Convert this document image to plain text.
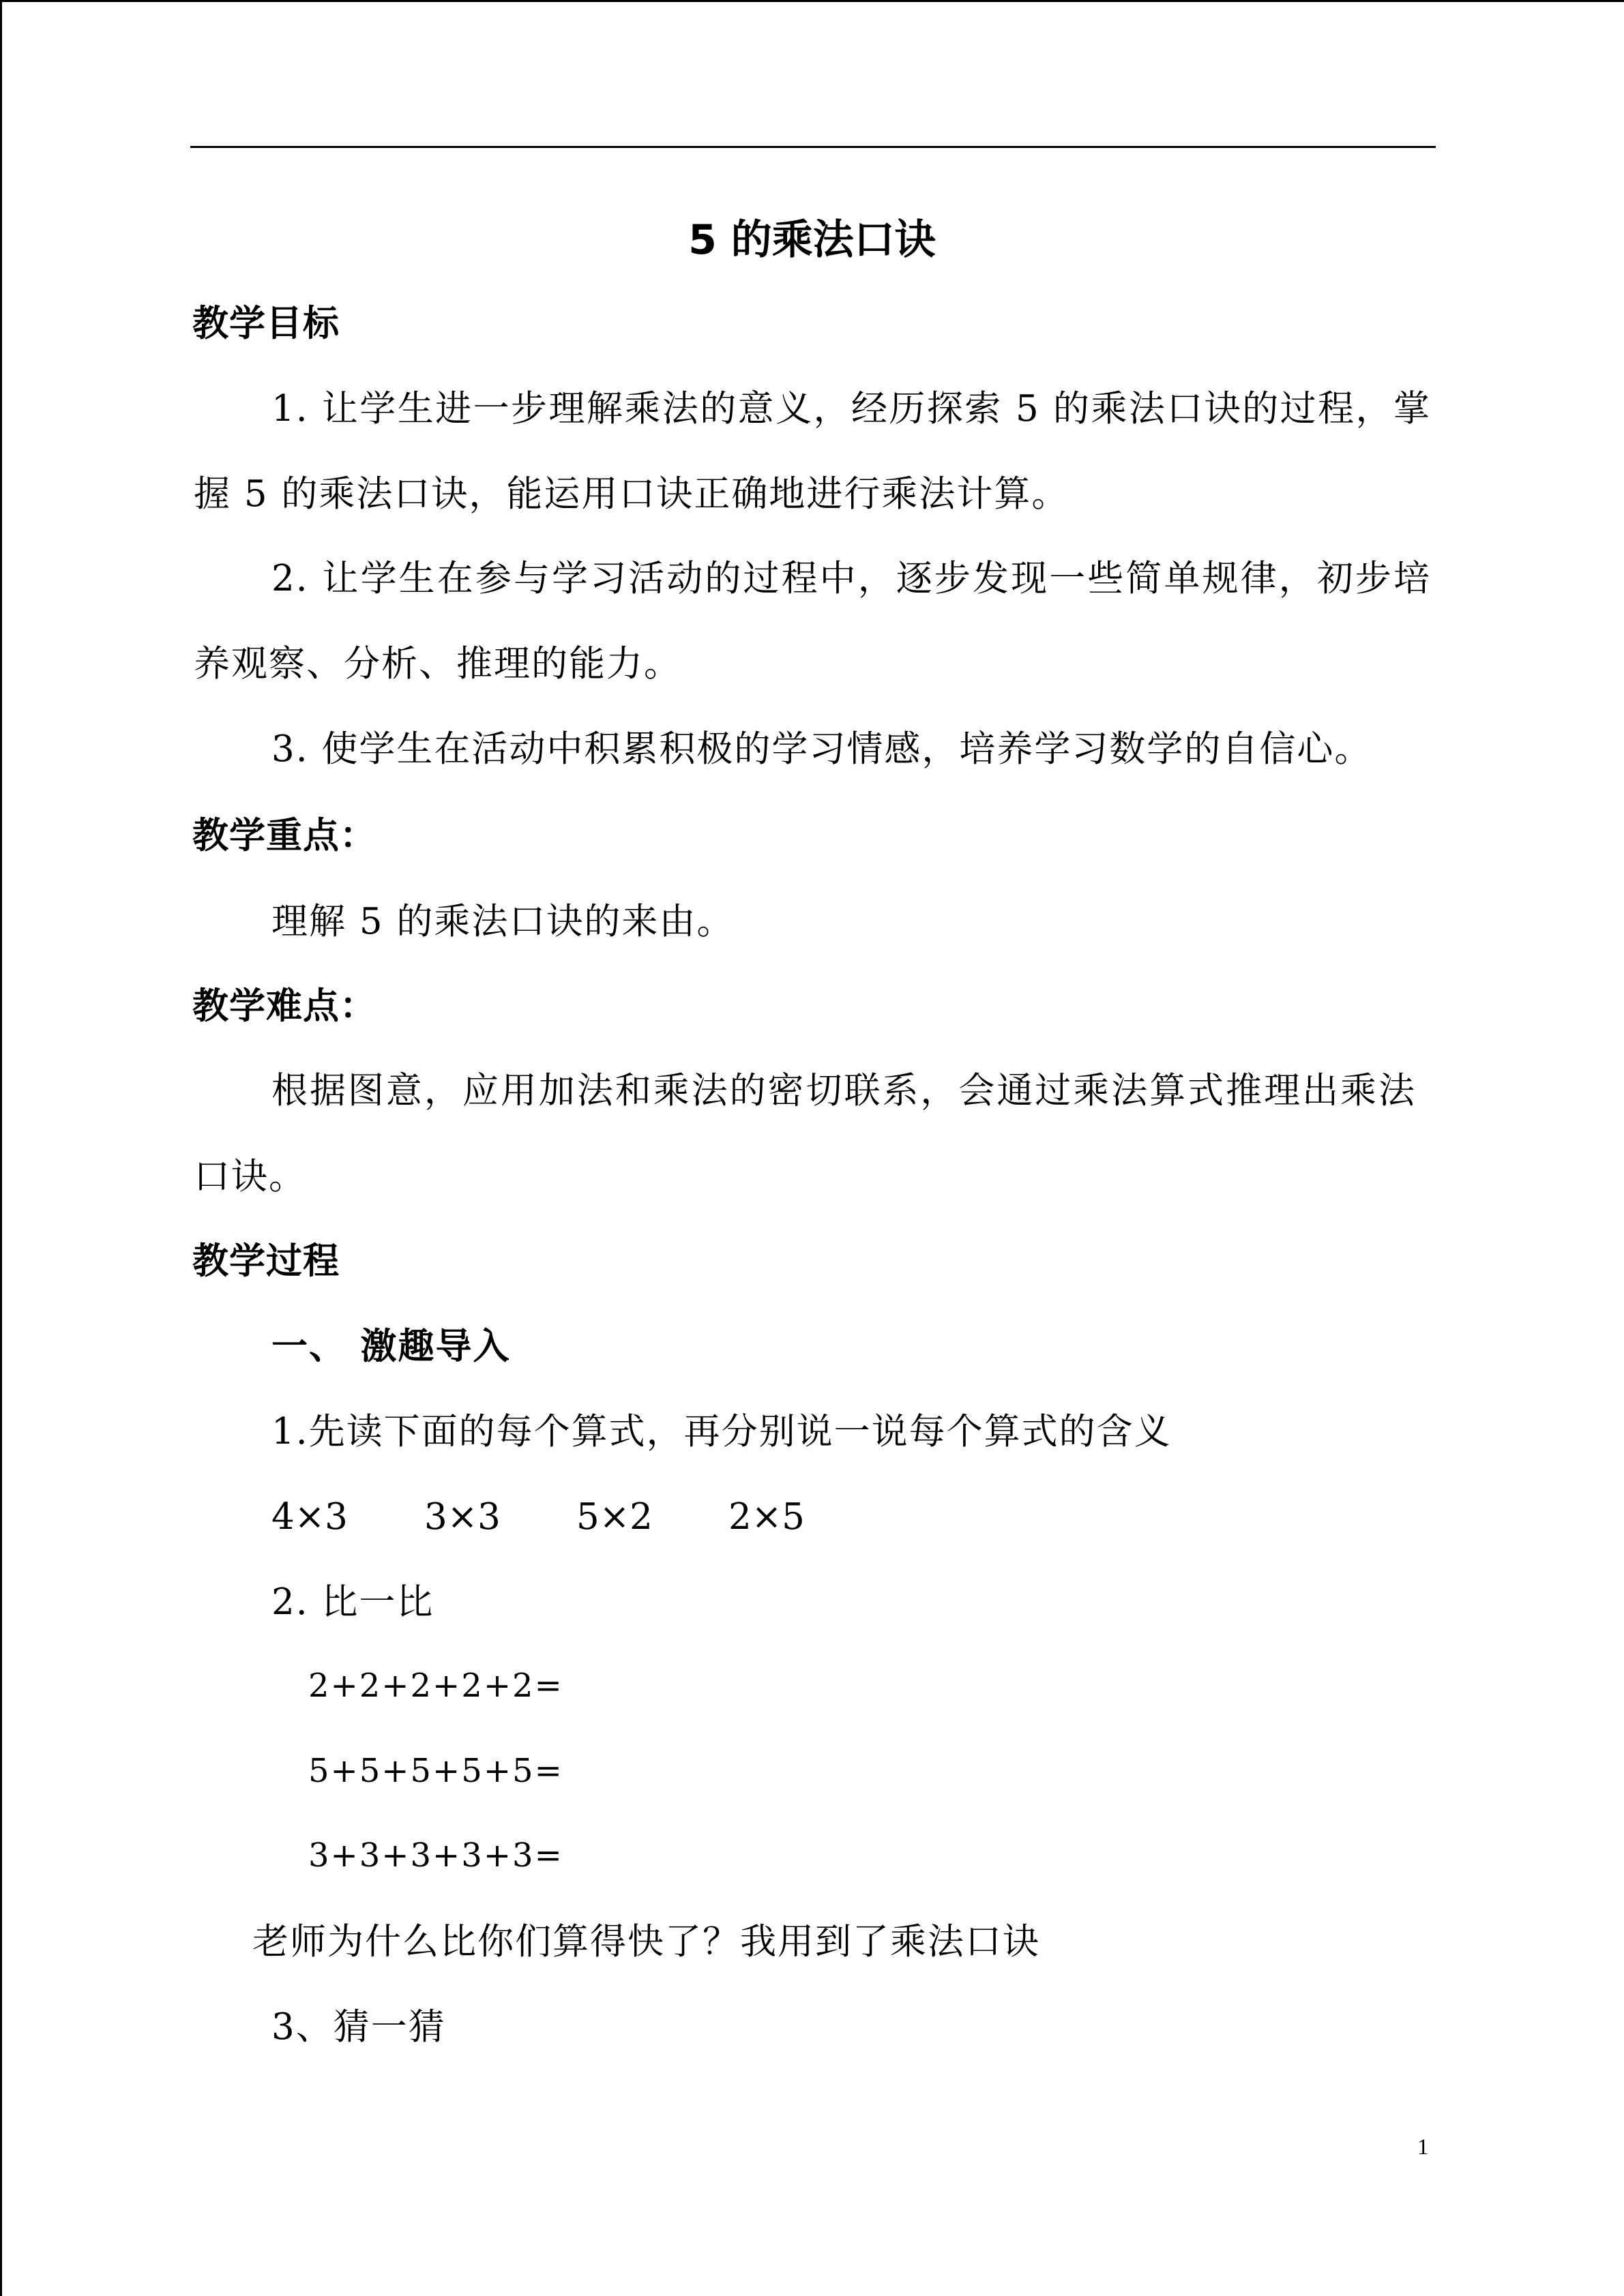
5 的乘法口诀
教学目标
1. 让学生进一步理解乘法的意义，经历探索 5 的乘法口诀的过程，掌
握 5 的乘法口诀，能运用口诀正确地进行乘法计算。
2. 让学生在参与学习活动的过程中，逐步发现一些简单规律，初步培
养观察、分析、推理的能力。
3. 使学生在活动中积累积极的学习情感，培养学习数学的自信心。
教学重点：
理解 5 的乘法口诀的来由。
教学难点：
根据图意，应用加法和乘法的密切联系，会通过乘法算式推理出乘法
口诀。
教学过程
一、 激趣导入
1.先读下面的每个算式，再分别说一说每个算式的含义
4×3 3×3 5×2 2×5
2. 比一比
2+2+2+2+2=
5+5+5+5+5=
3+3+3+3+3=
老师为什么比你们算得快了？我用到了乘法口诀
3、猜一猜
1
